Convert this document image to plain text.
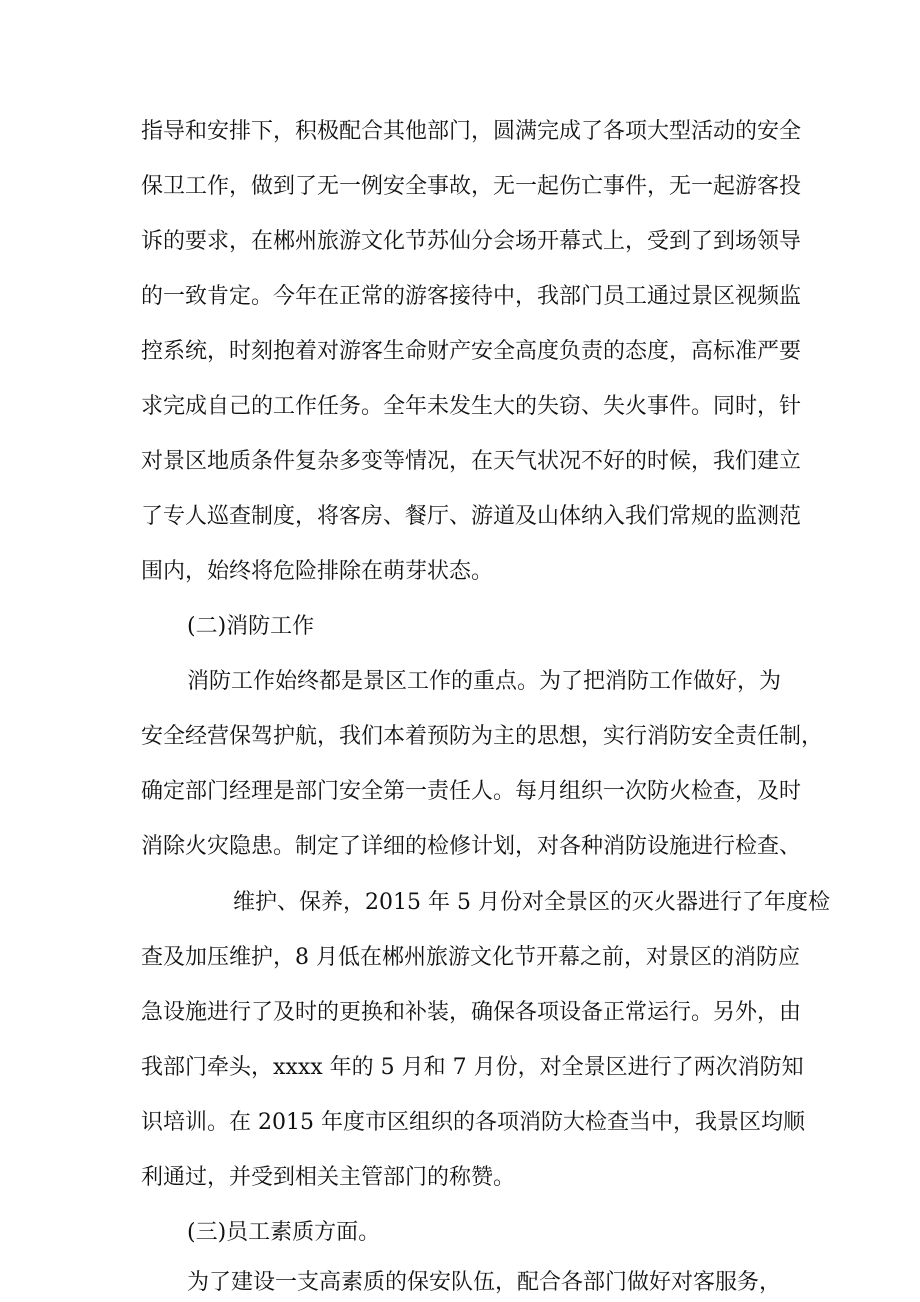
指导和安排下，积极配合其他部门，圆满完成了各项大型活动的安全
保卫工作，做到了无一例安全事故，无一起伤亡事件，无一起游客投
诉的要求，在郴州旅游文化节苏仙分会场开幕式上，受到了到场领导
的一致肯定。今年在正常的游客接待中，我部门员工通过景区视频监
控系统，时刻抱着对游客生命财产安全高度负责的态度，高标准严要
求完成自己的工作任务。全年未发生大的失窃、失火事件。同时，针
对景区地质条件复杂多变等情况，在天气状况不好的时候，我们建立
了专人巡查制度，将客房、餐厅、游道及山体纳入我们常规的监测范
围内，始终将危险排除在萌芽状态。
(二)消防工作
消防工作始终都是景区工作的重点。为了把消防工作做好，为
安全经营保驾护航，我们本着预防为主的思想，实行消防安全责任制，
确定部门经理是部门安全第一责任人。每月组织一次防火检查，及时
消除火灾隐患。制定了详细的检修计划，对各种消防设施进行检查、
维护、保养，2015 年 5 月份对全景区的灭火器进行了年度检
查及加压维护，8 月低在郴州旅游文化节开幕之前，对景区的消防应
急设施进行了及时的更换和补装，确保各项设备正常运行。另外，由
我部门牵头，xxxx 年的 5 月和 7 月份，对全景区进行了两次消防知
识培训。在 2015 年度市区组织的各项消防大检查当中，我景区均顺
利通过，并受到相关主管部门的称赞。
(三)员工素质方面。
为了建设一支高素质的保安队伍，配合各部门做好对客服务，
